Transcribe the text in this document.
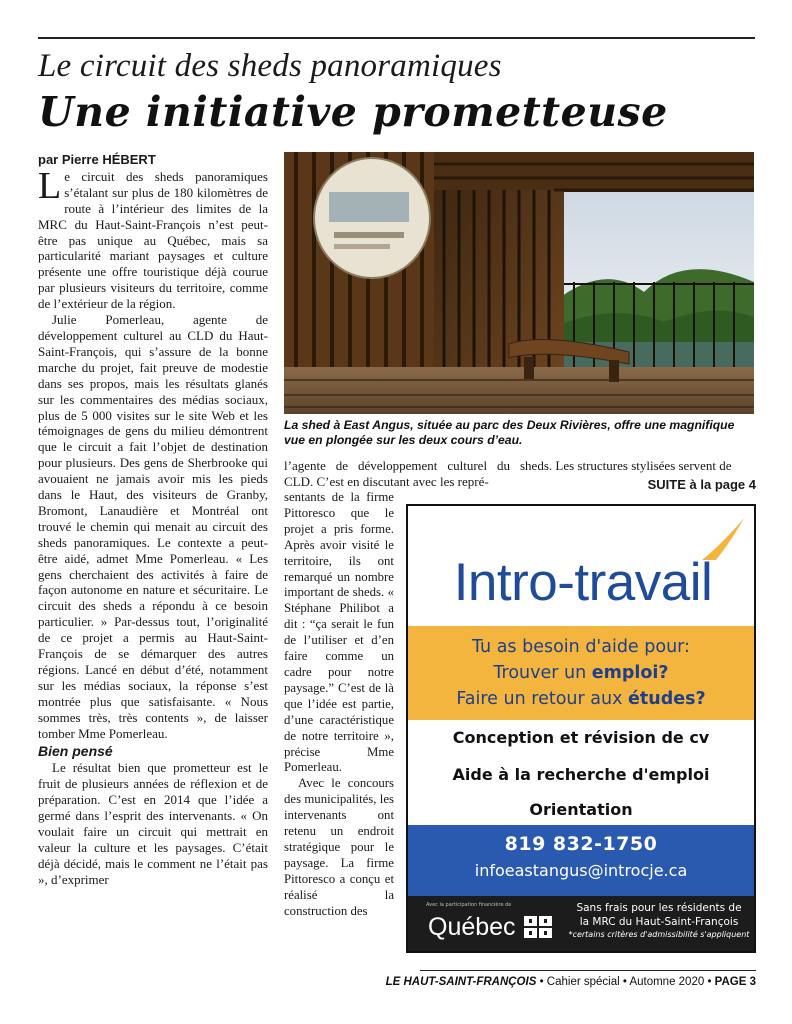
Le circuit des sheds panoramiques
Une initiative prometteuse
par Pierre HÉBERT

Le circuit des sheds panoramiques s’étalant sur plus de 180 kilomètres de route à l’intérieur des limites de la MRC du Haut-Saint-François n’est peut-être pas unique au Québec, mais sa particularité mariant paysages et culture présente une offre touristique déjà courue par plusieurs visiteurs du territoire, comme de l’extérieur de la région.

Julie Pomerleau, agente de développement culturel au CLD du Haut-Saint-François, qui s’assure de la bonne marche du projet, fait preuve de modestie dans ses propos, mais les résultats glanés sur les commentaires des médias sociaux, plus de 5 000 visites sur le site Web et les témoignages de gens du milieu démontrent que le circuit a fait l’objet de destination pour plusieurs. Des gens de Sherbrooke qui avouaient ne jamais avoir mis les pieds dans le Haut, des visiteurs de Granby, Bromont, Lanaudière et Montréal ont trouvé le chemin qui menait au circuit des sheds panoramiques. Le contexte a peut-être aidé, admet Mme Pomerleau. « Les gens cherchaient des activités à faire de façon autonome en nature et sécuritaire. Le circuit des sheds a répondu à ce besoin particulier. » Par-dessus tout, l’originalité de ce projet a permis au Haut-Saint-François de se démarquer des autres régions. Lancé en début d’été, notamment sur les médias sociaux, la réponse s’est montrée plus que satisfaisante. « Nous sommes très, très contents », de laisser tomber Mme Pomerleau.

Bien pensé

Le résultat bien que prometteur est le fruit de plusieurs années de réflexion et de préparation. C’est en 2014 que l’idée a germé dans l’esprit des intervenants. « On voulait faire un circuit qui mettrait en valeur la culture et les paysages. C’était déjà décidé, mais le comment ne l’était pas », d’exprimer

La shed à East Angus, située au parc des Deux Rivières, offre une magnifique vue en plongée sur les deux cours d’eau.

l’agente de développement culturel du CLD. C’est en discutant avec les repré-

sentants de la firme Pittoresco que le projet a pris forme. Après avoir visité le territoire, ils ont remarqué un nombre important de sheds. « Stéphane Philibot a dit : “ça serait le fun de l’utiliser et d’en faire comme un cadre pour notre paysage.” C’est de là que l’idée est partie, d’une caractéristique de notre territoire », précise Mme Pomerleau.

Avec le concours des municipalités, les intervenants ont retenu un endroit stratégique pour le paysage. La firme Pittoresco a conçu et réalisé la construction des

sheds. Les structures stylisées servent de

SUITE à la page 4
Intro-travail
Tu as besoin d'aide pour:
Trouver un emploi?
Faire un retour aux études?
Conception et révision de cv
Aide à la recherche d'emploi
Orientation
819 832-1750
infoeastangus@introcje.ca
Avec la participation financière de
Québec
Sans frais pour les résidents de
la MRC du Haut-Saint-François
*certains critères d'admissibilité s'appliquent
LE HAUT-SAINT-FRANÇOIS • Cahier spécial • Automne 2020 • PAGE 3
